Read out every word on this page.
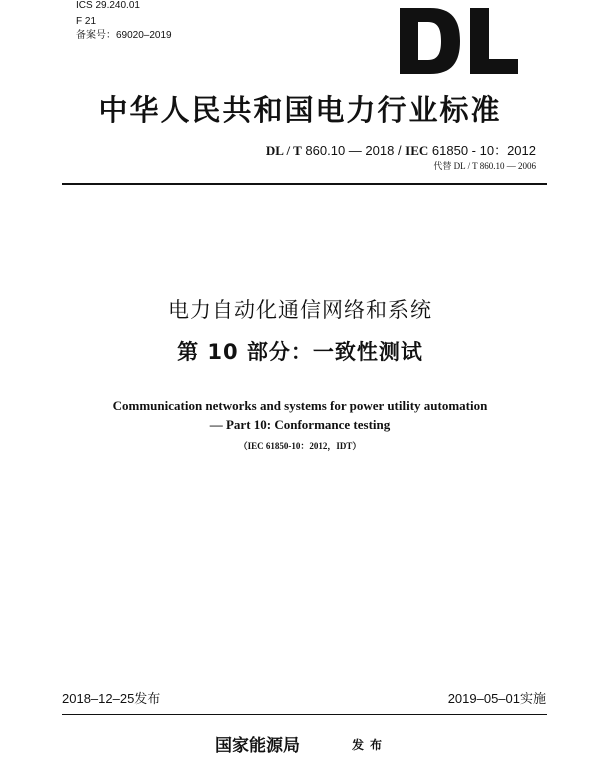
ICS 29.240.01
F 21
备案号：69020–2019
中华人民共和国电力行业标准
DL / T 860.10 — 2018 / IEC 61850 - 10：2012
代替 DL / T 860.10 — 2006
电力自动化通信网络和系统
第 10 部分：一致性测试
Communication networks and systems for power utility automation
— Part 10: Conformance testing
（IEC 61850-10：2012，IDT）
2018–12–25发布	2019–05–01实施
国家能源局	发布
